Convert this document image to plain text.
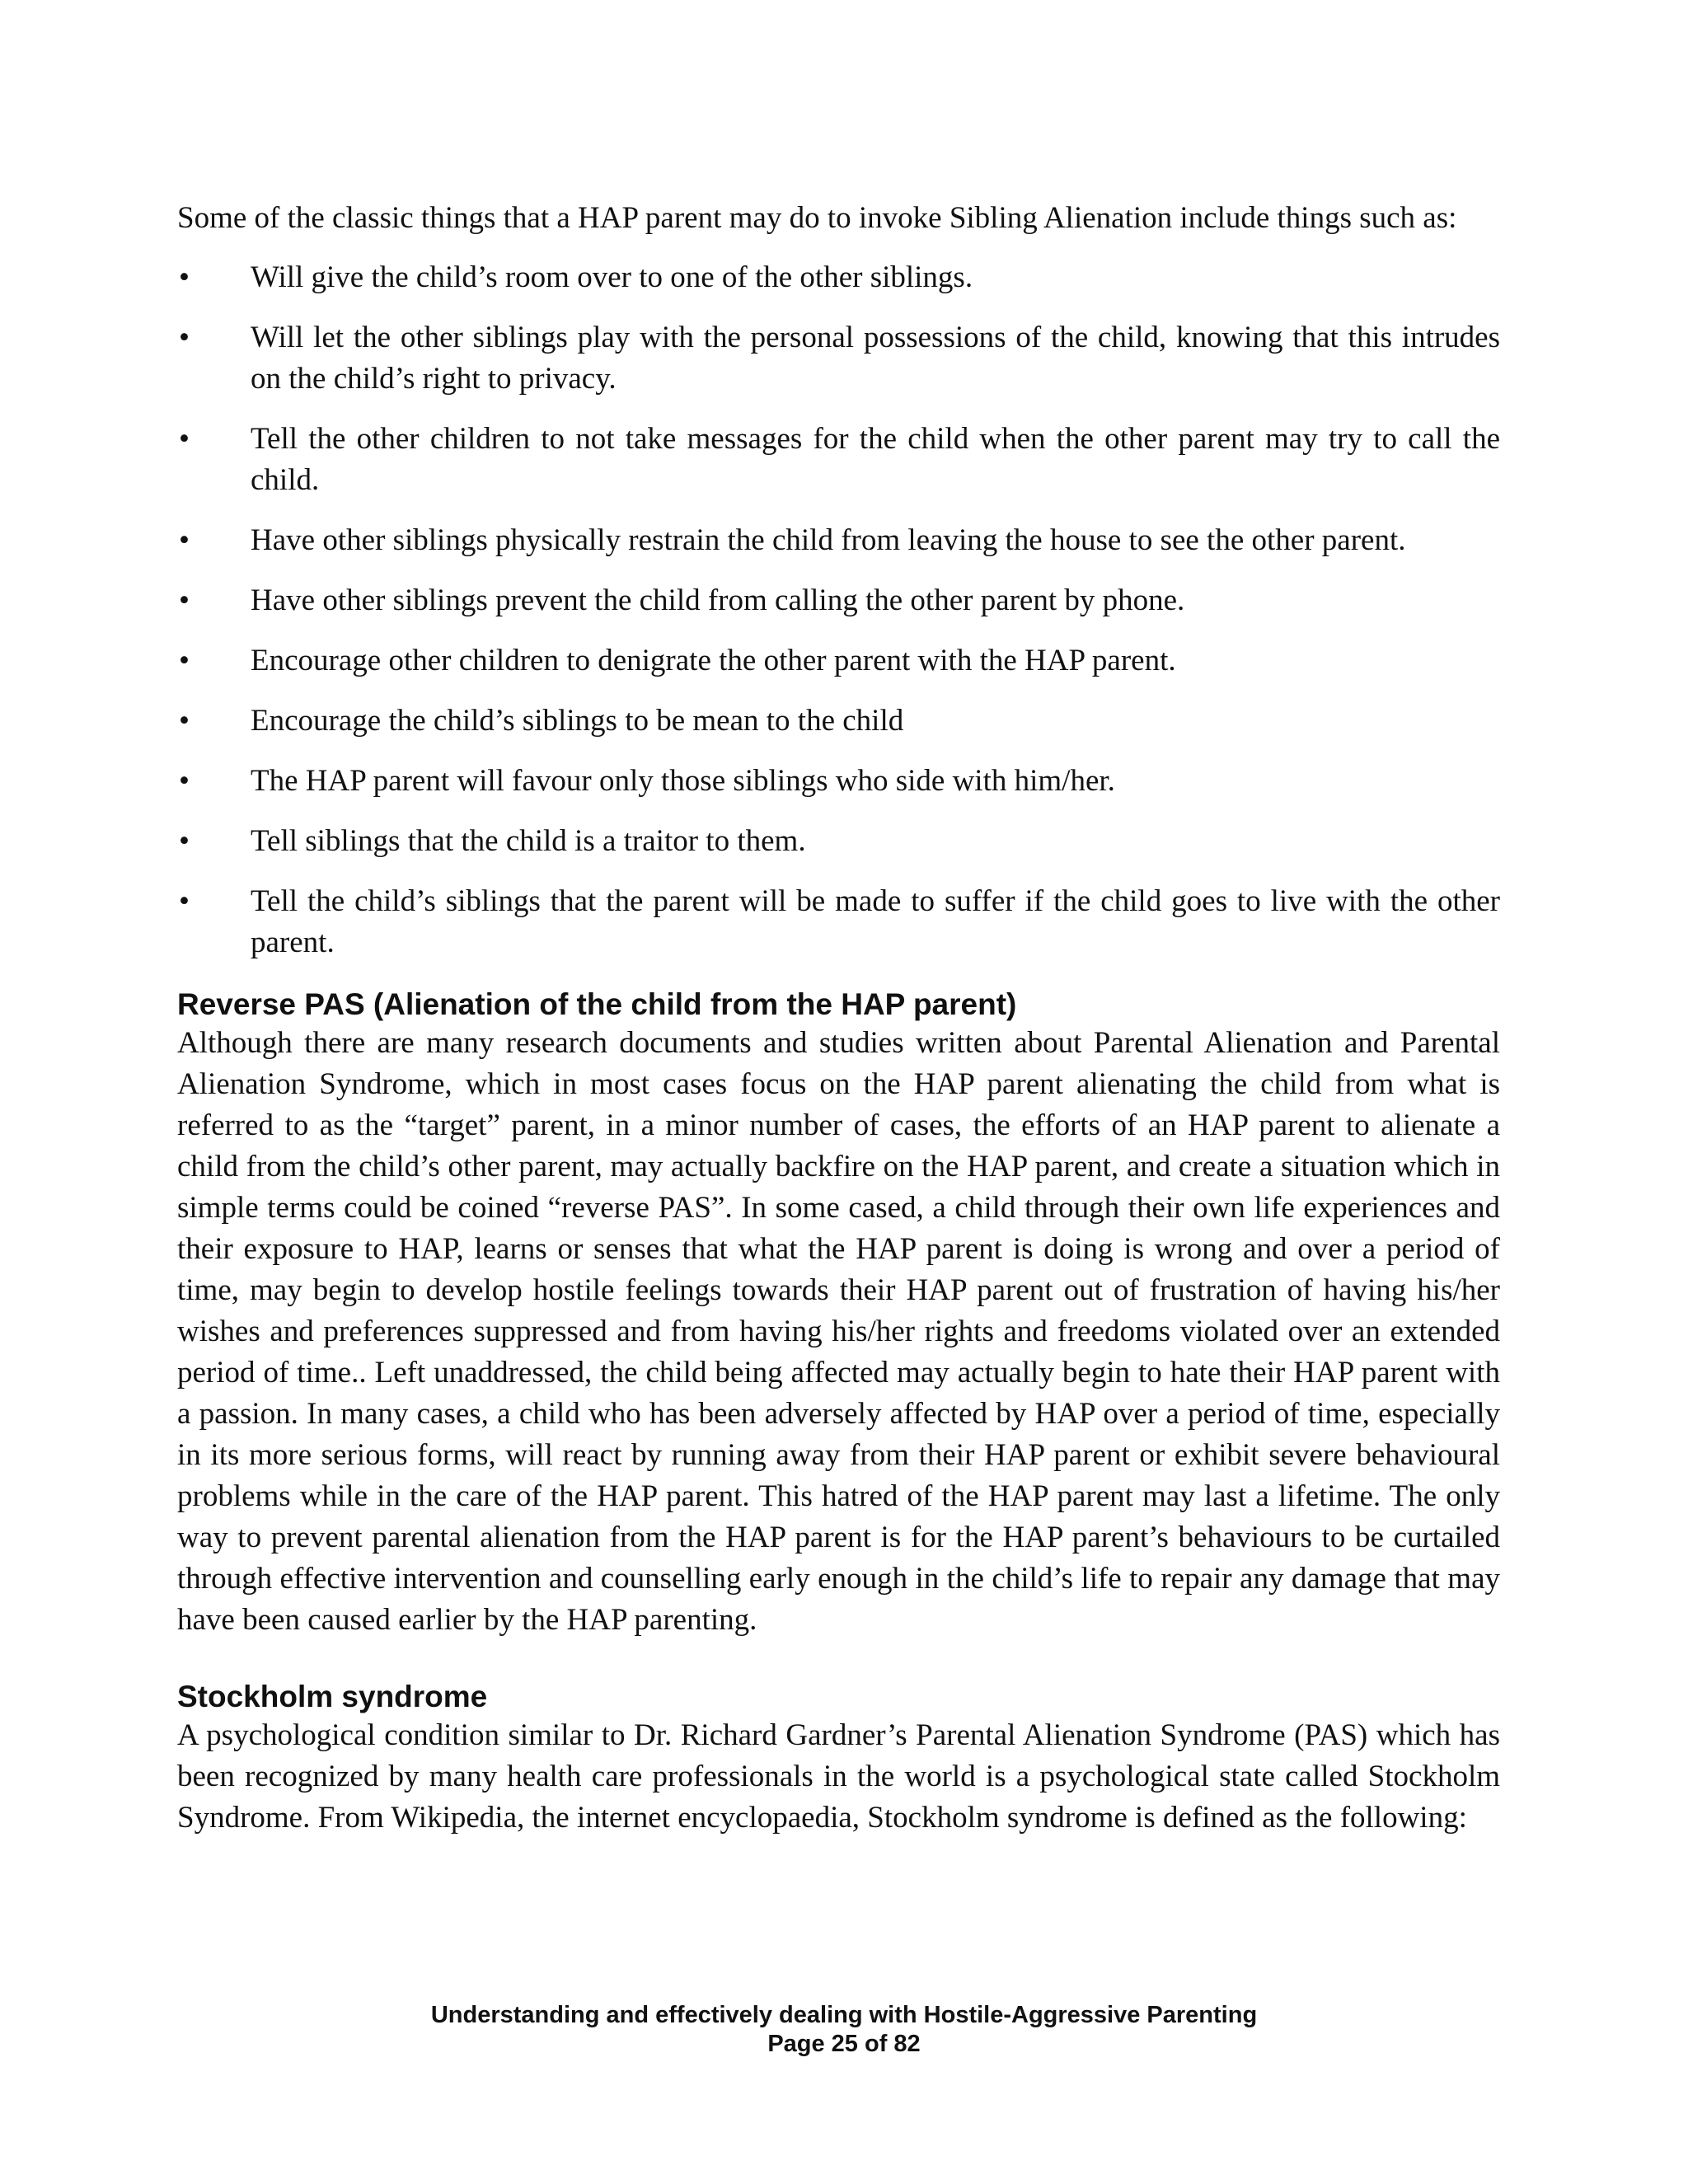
Some of the classic things that a HAP parent may do to invoke Sibling Alienation include things such as:

•	Will give the child’s room over to one of the other siblings.
•	Will let the other siblings play with the personal possessions of the child, knowing that this intrudes on the child’s right to privacy.
•	Tell the other children to not take messages for the child when the other parent may try to call the child.
•	Have other siblings physically restrain the child from leaving the house to see the other parent.
•	Have other siblings prevent the child from calling the other parent by phone.
•	Encourage other children to denigrate the other parent with the HAP parent.
•	Encourage the child’s siblings to be mean to the child
•	The HAP parent will favour only those siblings who side with him/her.
•	Tell siblings that the child is a traitor to them.
•	Tell the child’s siblings that the parent will be made to suffer if the child goes to live with the other parent.
Reverse PAS (Alienation of the child from the HAP parent)

Although there are many research documents and studies written about Parental Alienation and Parental Alienation Syndrome, which in most cases focus on the HAP parent alienating the child from what is referred to as the “target” parent, in a minor number of cases, the efforts of an HAP parent to alienate a child from the child’s other parent, may actually backfire on the HAP parent, and create a situation which in simple terms could be coined “reverse PAS”. In some cased, a child through their own life experiences and their exposure to HAP, learns or senses that what the HAP parent is doing is wrong and over a period of time, may begin to develop hostile feelings towards their HAP parent out of frustration of having his/her wishes and preferences suppressed and from having his/her rights and freedoms violated over an extended period of time.. Left unaddressed, the child being affected may actually begin to hate their HAP parent with a passion. In many cases, a child who has been adversely affected by HAP over a period of time, especially in its more serious forms, will react by running away from their HAP parent or exhibit severe behavioural problems while in the care of the HAP parent. This hatred of the HAP parent may last a lifetime. The only way to prevent parental alienation from the HAP parent is for the HAP parent’s behaviours to be curtailed through effective intervention and counselling early enough in the child’s life to repair any damage that may have been caused earlier by the HAP parenting.

Stockholm syndrome

A psychological condition similar to Dr. Richard Gardner’s Parental Alienation Syndrome (PAS) which has been recognized by many health care professionals in the world is a psychological state called Stockholm Syndrome. From Wikipedia, the internet encyclopaedia, Stockholm syndrome is defined as the following:

Understanding and effectively dealing with Hostile-Aggressive Parenting
Page 25 of 82
